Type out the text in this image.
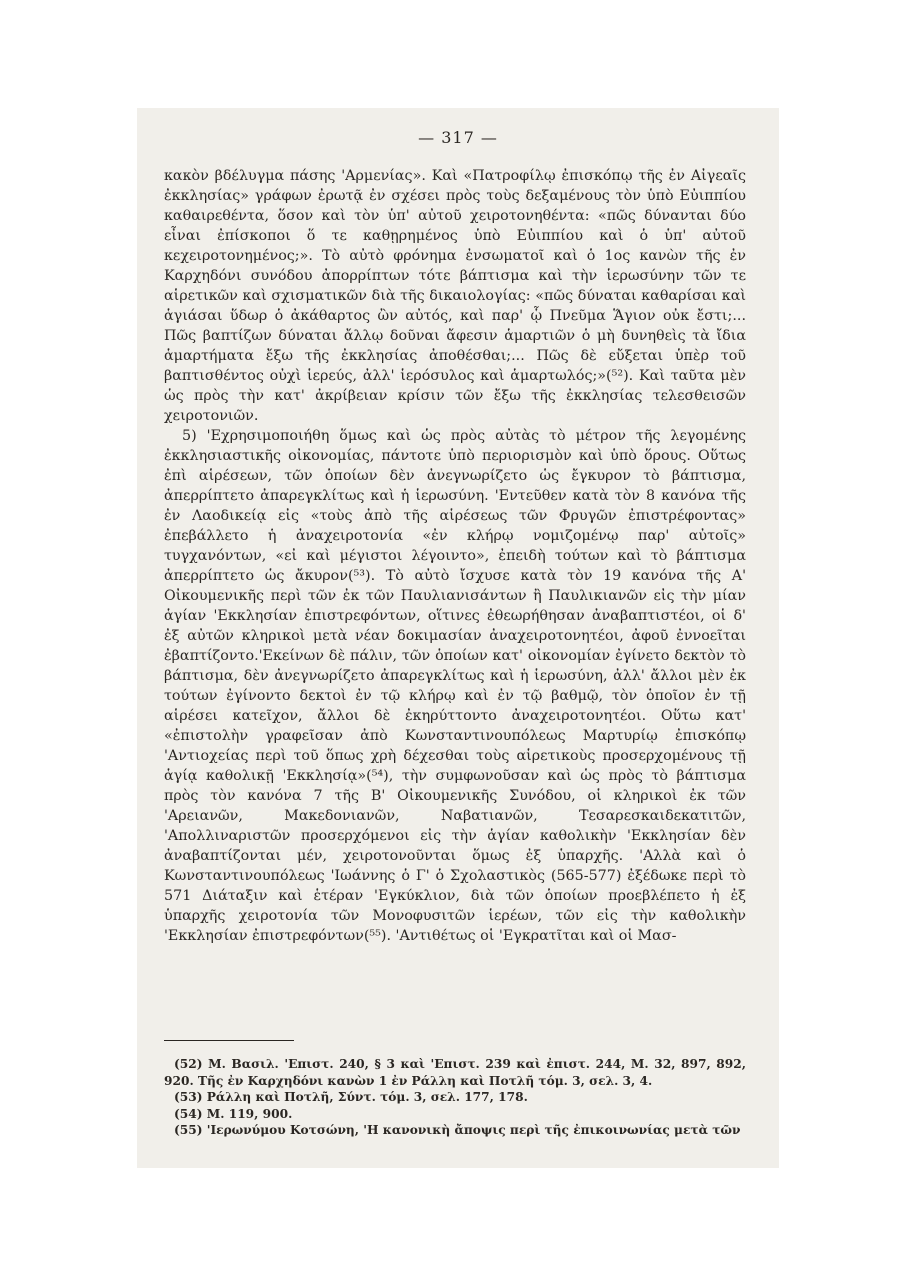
— 317 —

κακὸν βδέλυγμα πάσης 'Αρμενίας». Καὶ «Πατροφίλῳ ἐπισκόπῳ τῆς ἐν Αἰγεαῖς ἐκκλησίας» γράφων ἐρωτᾷ ἐν σχέσει πρὸς τοὺς δεξαμένους τὸν ὑπὸ Εὐιππίου καθαιρεθέντα, ὅσον καὶ τὸν ὑπ' αὐτοῦ χειροτονηθέντα: «πῶς δύνανται δύο εἶναι ἐπίσκοποι ὅ τε καθῃρημένος ὑπὸ Εὐιππίου καὶ ὁ ὑπ' αὐτοῦ κεχειροτονημένος;». Τὸ αὐτὸ φρόνημα ἐνσωματοῖ καὶ ὁ 1ος κανὼν τῆς ἐν Καρχηδόνι συνόδου ἀπορρίπτων τότε βάπτισμα καὶ τὴν ἱερωσύνην τῶν τε αἱρετικῶν καὶ σχισματικῶν διὰ τῆς δικαιολογίας: «πῶς δύναται καθαρίσαι καὶ ἁγιάσαι ὕδωρ ὁ ἀκάθαρτος ὢν αὐτός, καὶ παρ' ᾧ Πνεῦμα Ἅγιον οὐκ ἔστι;... Πῶς βαπτίζων δύναται ἄλλῳ δοῦναι ἄφεσιν ἁμαρτιῶν ὁ μὴ δυνηθεὶς τὰ ἴδια ἁμαρτήματα ἔξω τῆς ἐκκλησίας ἀποθέσθαι;... Πῶς δὲ εὔξεται ὑπὲρ τοῦ βαπτισθέντος οὐχὶ ἱερεύς, ἀλλ' ἱερόσυλος καὶ ἁμαρτωλός;»(⁵²). Καὶ ταῦτα μὲν ὡς πρὸς τὴν κατ' ἀκρίβειαν κρίσιν τῶν ἔξω τῆς ἐκκλησίας τελεσθεισῶν χειροτονιῶν.

5) 'Εχρησιμοποιήθη ὅμως καὶ ὡς πρὸς αὐτὰς τὸ μέτρον τῆς λεγομένης ἐκκλησιαστικῆς οἰκονομίας, πάντοτε ὑπὸ περιορισμὸν καὶ ὑπὸ ὅρους. Οὕτως ἐπὶ αἱρέσεων, τῶν ὁποίων δὲν ἀνεγνωρίζετο ὡς ἔγκυρον τὸ βάπτισμα, ἀπερρίπτετο ἀπαρεγκλίτως καὶ ἡ ἱερωσύνη. 'Εντεῦθεν κατὰ τὸν 8 κανόνα τῆς ἐν Λαοδικείᾳ εἰς «τοὺς ἀπὸ τῆς αἱρέσεως τῶν Φρυγῶν ἐπιστρέφοντας» ἐπεβάλλετο ἡ ἀναχειροτονία «ἐν κλήρῳ νομιζομένῳ παρ' αὐτοῖς» τυγχανόντων, «εἰ καὶ μέγιστοι λέγοιντο», ἐπειδὴ τούτων καὶ τὸ βάπτισμα ἀπερρίπτετο ὡς ἄκυρον(⁵³). Τὸ αὐτὸ ἴσχυσε κατὰ τὸν 19 κανόνα τῆς Α' Οἰκουμενικῆς περὶ τῶν ἐκ τῶν Παυλιανισάντων ἢ Παυλικιανῶν εἰς τὴν μίαν ἁγίαν 'Εκκλησίαν ἐπιστρεφόντων, οἵτινες ἐθεωρήθησαν ἀναβαπτιστέοι, οἱ δ' ἐξ αὐτῶν κληρικοὶ μετὰ νέαν δοκιμασίαν ἀναχειροτονητέοι, ἀφοῦ ἐννοεῖται ἐβαπτίζοντο.'Εκείνων δὲ πάλιν, τῶν ὁποίων κατ' οἰκονομίαν ἐγίνετο δεκτὸν τὸ βάπτισμα, δὲν ἀνεγνωρίζετο ἀπαρεγκλίτως καὶ ἡ ἱερωσύνη, ἀλλ' ἄλλοι μὲν ἐκ τούτων ἐγίνοντο δεκτοὶ ἐν τῷ κλήρῳ καὶ ἐν τῷ βαθμῷ, τὸν ὁποῖον ἐν τῇ αἱρέσει κατεῖχον, ἄλλοι δὲ ἐκηρύττοντο ἀναχειροτονητέοι. Οὕτω κατ' «ἐπιστολὴν γραφεῖσαν ἀπὸ Κωνσταντινουπόλεως Μαρτυρίῳ ἐπισκόπῳ 'Αντιοχείας περὶ τοῦ ὅπως χρὴ δέχεσθαι τοὺς αἱρετικοὺς προσερχομένους τῇ ἁγίᾳ καθολικῇ 'Εκκλησίᾳ»(⁵⁴), τὴν συμφωνοῦσαν καὶ ὡς πρὸς τὸ βάπτισμα πρὸς τὸν κανόνα 7 τῆς Β' Οἰκουμενικῆς Συνόδου, οἱ κληρικοὶ ἐκ τῶν 'Αρειανῶν, Μακεδονιανῶν, Ναβατιανῶν, Τεσαρεσκαιδεκατιτῶν, 'Απολλιναριστῶν προσερχόμενοι εἰς τὴν ἁγίαν καθολικὴν 'Εκκλησίαν δὲν ἀναβαπτίζονται μέν, χειροτονοῦνται ὅμως ἐξ ὑπαρχῆς. 'Αλλὰ καὶ ὁ Κωνσταντινουπόλεως 'Ιωάννης ὁ Γ' ὁ Σχολαστικὸς (565-577) ἐξέδωκε περὶ τὸ 571 Διάταξιν καὶ ἑτέραν 'Εγκύκλιον, διὰ τῶν ὁποίων προεβλέπετο ἡ ἐξ ὑπαρχῆς χειροτονία τῶν Μονοφυσιτῶν ἱερέων, τῶν εἰς τὴν καθολικὴν 'Εκκλησίαν ἐπιστρεφόντων(⁵⁵). 'Αντιθέτως οἱ 'Εγκρατῖται καὶ οἱ Μασ-

(52) Μ. Βασιλ. 'Επιστ. 240, § 3 καὶ 'Επιστ. 239 καὶ ἐπιστ. 244, Μ. 32, 897, 892, 920. Τῆς ἐν Καρχηδόνι κανὼν 1 ἐν Ράλλη καὶ Ποτλῆ τόμ. 3, σελ. 3, 4.

(53) Ράλλη καὶ Ποτλῆ, Σύντ. τόμ. 3, σελ. 177, 178.

(54) Μ. 119, 900.

(55) 'Ιερωνύμου Κοτσώνη, 'Η κανονικὴ ἄποψις περὶ τῆς ἐπικοινωνίας μετὰ τῶν
